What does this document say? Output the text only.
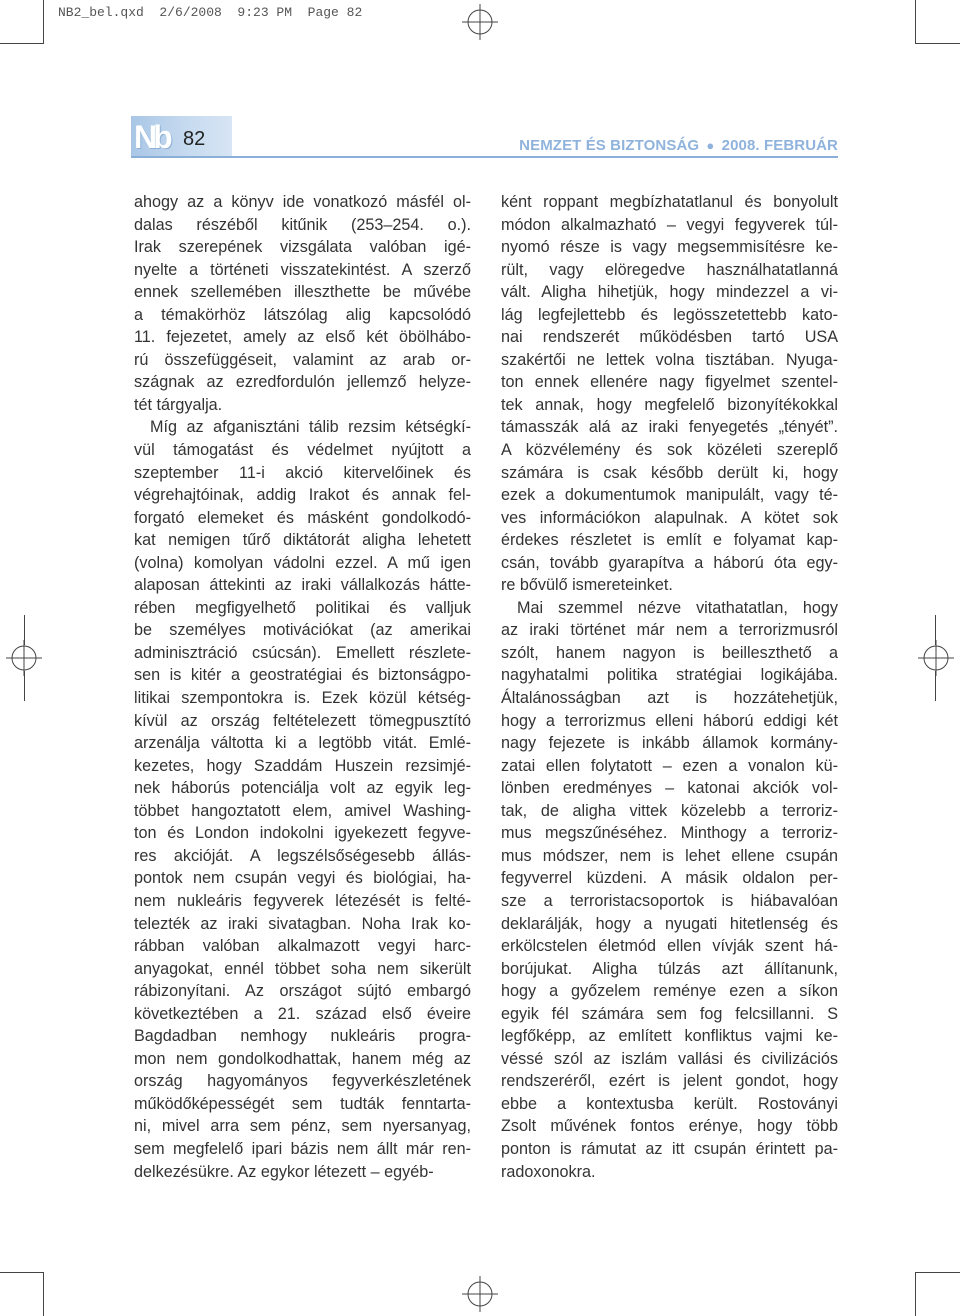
NB2_bel.qxd  2/6/2008  9:23 PM  Page 82
Nb 82	NEMZET ÉS BIZTONSÁG ● 2008. FEBRUÁR
ahogy az a könyv ide vonatkozó másfél ol-
dalas részéből kitűnik (253–254. o.).
Irak szerepének vizsgálata valóban igé-
nyelte a történeti visszatekintést. A szerző
ennek szellemében illeszthette be művébe
a témakörhöz látszólag alig kapcsolódó
11. fejezetet, amely az első két öbölhábo-
rú összefüggéseit, valamint az arab or-
szágnak az ezredfordulón jellemző helyze-
tét tárgyalja.
Míg az afganisztáni tálib rezsim kétségkí-
vül támogatást és védelmet nyújtott a
szeptember 11-i akció kitervelőinek és
végrehajtóinak, addig Irakot és annak fel-
forgató elemeket és másként gondolkodó-
kat nemigen tűrő diktátorát aligha lehetett
(volna) komolyan vádolni ezzel. A mű igen
alaposan áttekinti az iraki vállalkozás hátte-
rében megfigyelhető politikai és valljuk
be személyes motivációkat (az amerikai
adminisztráció csúcsán). Emellett részlete-
sen is kitér a geostratégiai és biztonságpo-
litikai szempontokra is. Ezek közül kétség-
kívül az ország feltételezett tömegpusztító
arzenálja váltotta ki a legtöbb vitát. Emlé-
kezetes, hogy Szaddám Huszein rezsimjé-
nek háborús potenciálja volt az egyik leg-
többet hangoztatott elem, amivel Washing-
ton és London indokolni igyekezett fegyve-
res akcióját. A legszélsőségesebb állás-
pontok nem csupán vegyi és biológiai, ha-
nem nukleáris fegyverek létezését is felté-
telezték az iraki sivatagban. Noha Irak ko-
rábban valóban alkalmazott vegyi harc-
anyagokat, ennél többet soha nem sikerült
rábizonyítani. Az országot sújtó embargó
következtében a 21. század első éveire
Bagdadban nemhogy nukleáris progra-
mon nem gondolkodhattak, hanem még az
ország hagyományos fegyverkészletének
működőképességét sem tudták fenntarta-
ni, mivel arra sem pénz, sem nyersanyag,
sem megfelelő ipari bázis nem állt már ren-
delkezésükre. Az egykor létezett – egyéb-
ként roppant megbízhatatlanul és bonyolult
módon alkalmazható – vegyi fegyverek túl-
nyomó része is vagy megsemmisítésre ke-
rült, vagy elöregedve használhatatlanná
vált. Aligha hihetjük, hogy mindezzel a vi-
lág legfejlettebb és legösszetettebb kato-
nai rendszerét működésben tartó USA
szakértői ne lettek volna tisztában. Nyuga-
ton ennek ellenére nagy figyelmet szentel-
tek annak, hogy megfelelő bizonyítékokkal
támasszák alá az iraki fenyegetés „tényét”.
A közvélemény és sok közéleti szereplő
számára is csak később derült ki, hogy
ezek a dokumentumok manipulált, vagy té-
ves információkon alapulnak. A kötet sok
érdekes részletet is említ e folyamat kap-
csán, tovább gyarapítva a háború óta egy-
re bővülő ismereteinket.
Mai szemmel nézve vitathatatlan, hogy
az iraki történet már nem a terrorizmusról
szólt, hanem nagyon is beilleszthető a
nagyhatalmi politika stratégiai logikájába.
Általánosságban azt is hozzátehetjük,
hogy a terrorizmus elleni háború eddigi két
nagy fejezete is inkább államok kormány-
zatai ellen folytatott – ezen a vonalon kü-
lönben eredményes – katonai akciók vol-
tak, de aligha vittek közelebb a terroriz-
mus megszűnéséhez. Minthogy a terroriz-
mus módszer, nem is lehet ellene csupán
fegyverrel küzdeni. A másik oldalon per-
sze a terroristacsoportok is hiábavalóan
deklarálják, hogy a nyugati hitetlenség és
erkölcstelen életmód ellen vívják szent há-
borújukat. Aligha túlzás azt állítanunk,
hogy a győzelem reménye ezen a síkon
egyik fél számára sem fog felcsillanni. S
legfőképp, az említett konfliktus vajmi ke-
véssé szól az iszlám vallási és civilizációs
rendszeréről, ezért is jelent gondot, hogy
ebbe a kontextusba került. Rostoványi
Zsolt művének fontos erénye, hogy több
ponton is rámutat az itt csupán érintett pa-
radoxonokra.
